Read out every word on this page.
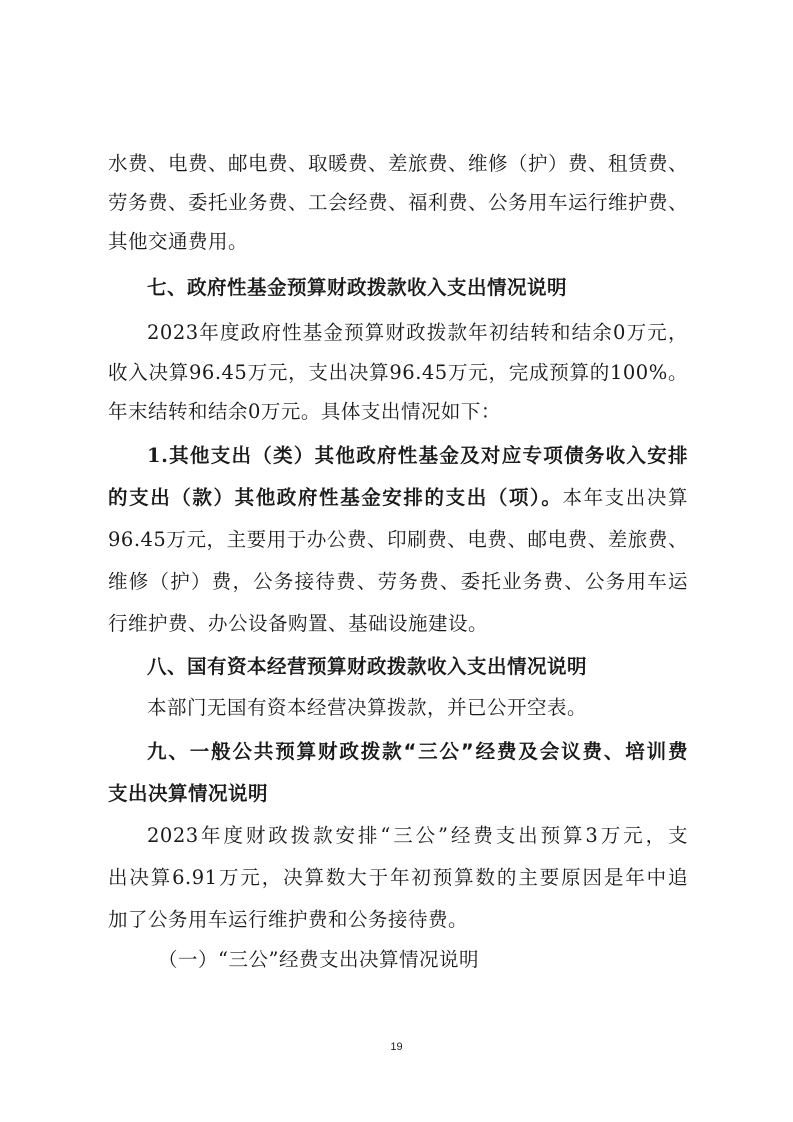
水费、电费、邮电费、取暖费、差旅费、维修（护）费、租赁费、
劳务费、委托业务费、工会经费、福利费、公务用车运行维护费、
其他交通费用。
七、政府性基金预算财政拨款收入支出情况说明
2023年度政府性基金预算财政拨款年初结转和结余0万元，
收入决算96.45万元，支出决算96.45万元，完成预算的100%。
年末结转和结余0万元。具体支出情况如下：
1.其他支出（类）其他政府性基金及对应专项债务收入安排
的支出（款）其他政府性基金安排的支出（项）。本年支出决算
96.45万元，主要用于办公费、印刷费、电费、邮电费、差旅费、
维修（护）费，公务接待费、劳务费、委托业务费、公务用车运
行维护费、办公设备购置、基础设施建设。
八、国有资本经营预算财政拨款收入支出情况说明
本部门无国有资本经营决算拨款，并已公开空表。
九、一般公共预算财政拨款“三公”经费及会议费、培训费
支出决算情况说明
2023年度财政拨款安排“三公”经费支出预算3万元，支
出决算6.91万元，决算数大于年初预算数的主要原因是年中追
加了公务用车运行维护费和公务接待费。
（一）“三公”经费支出决算情况说明
19
